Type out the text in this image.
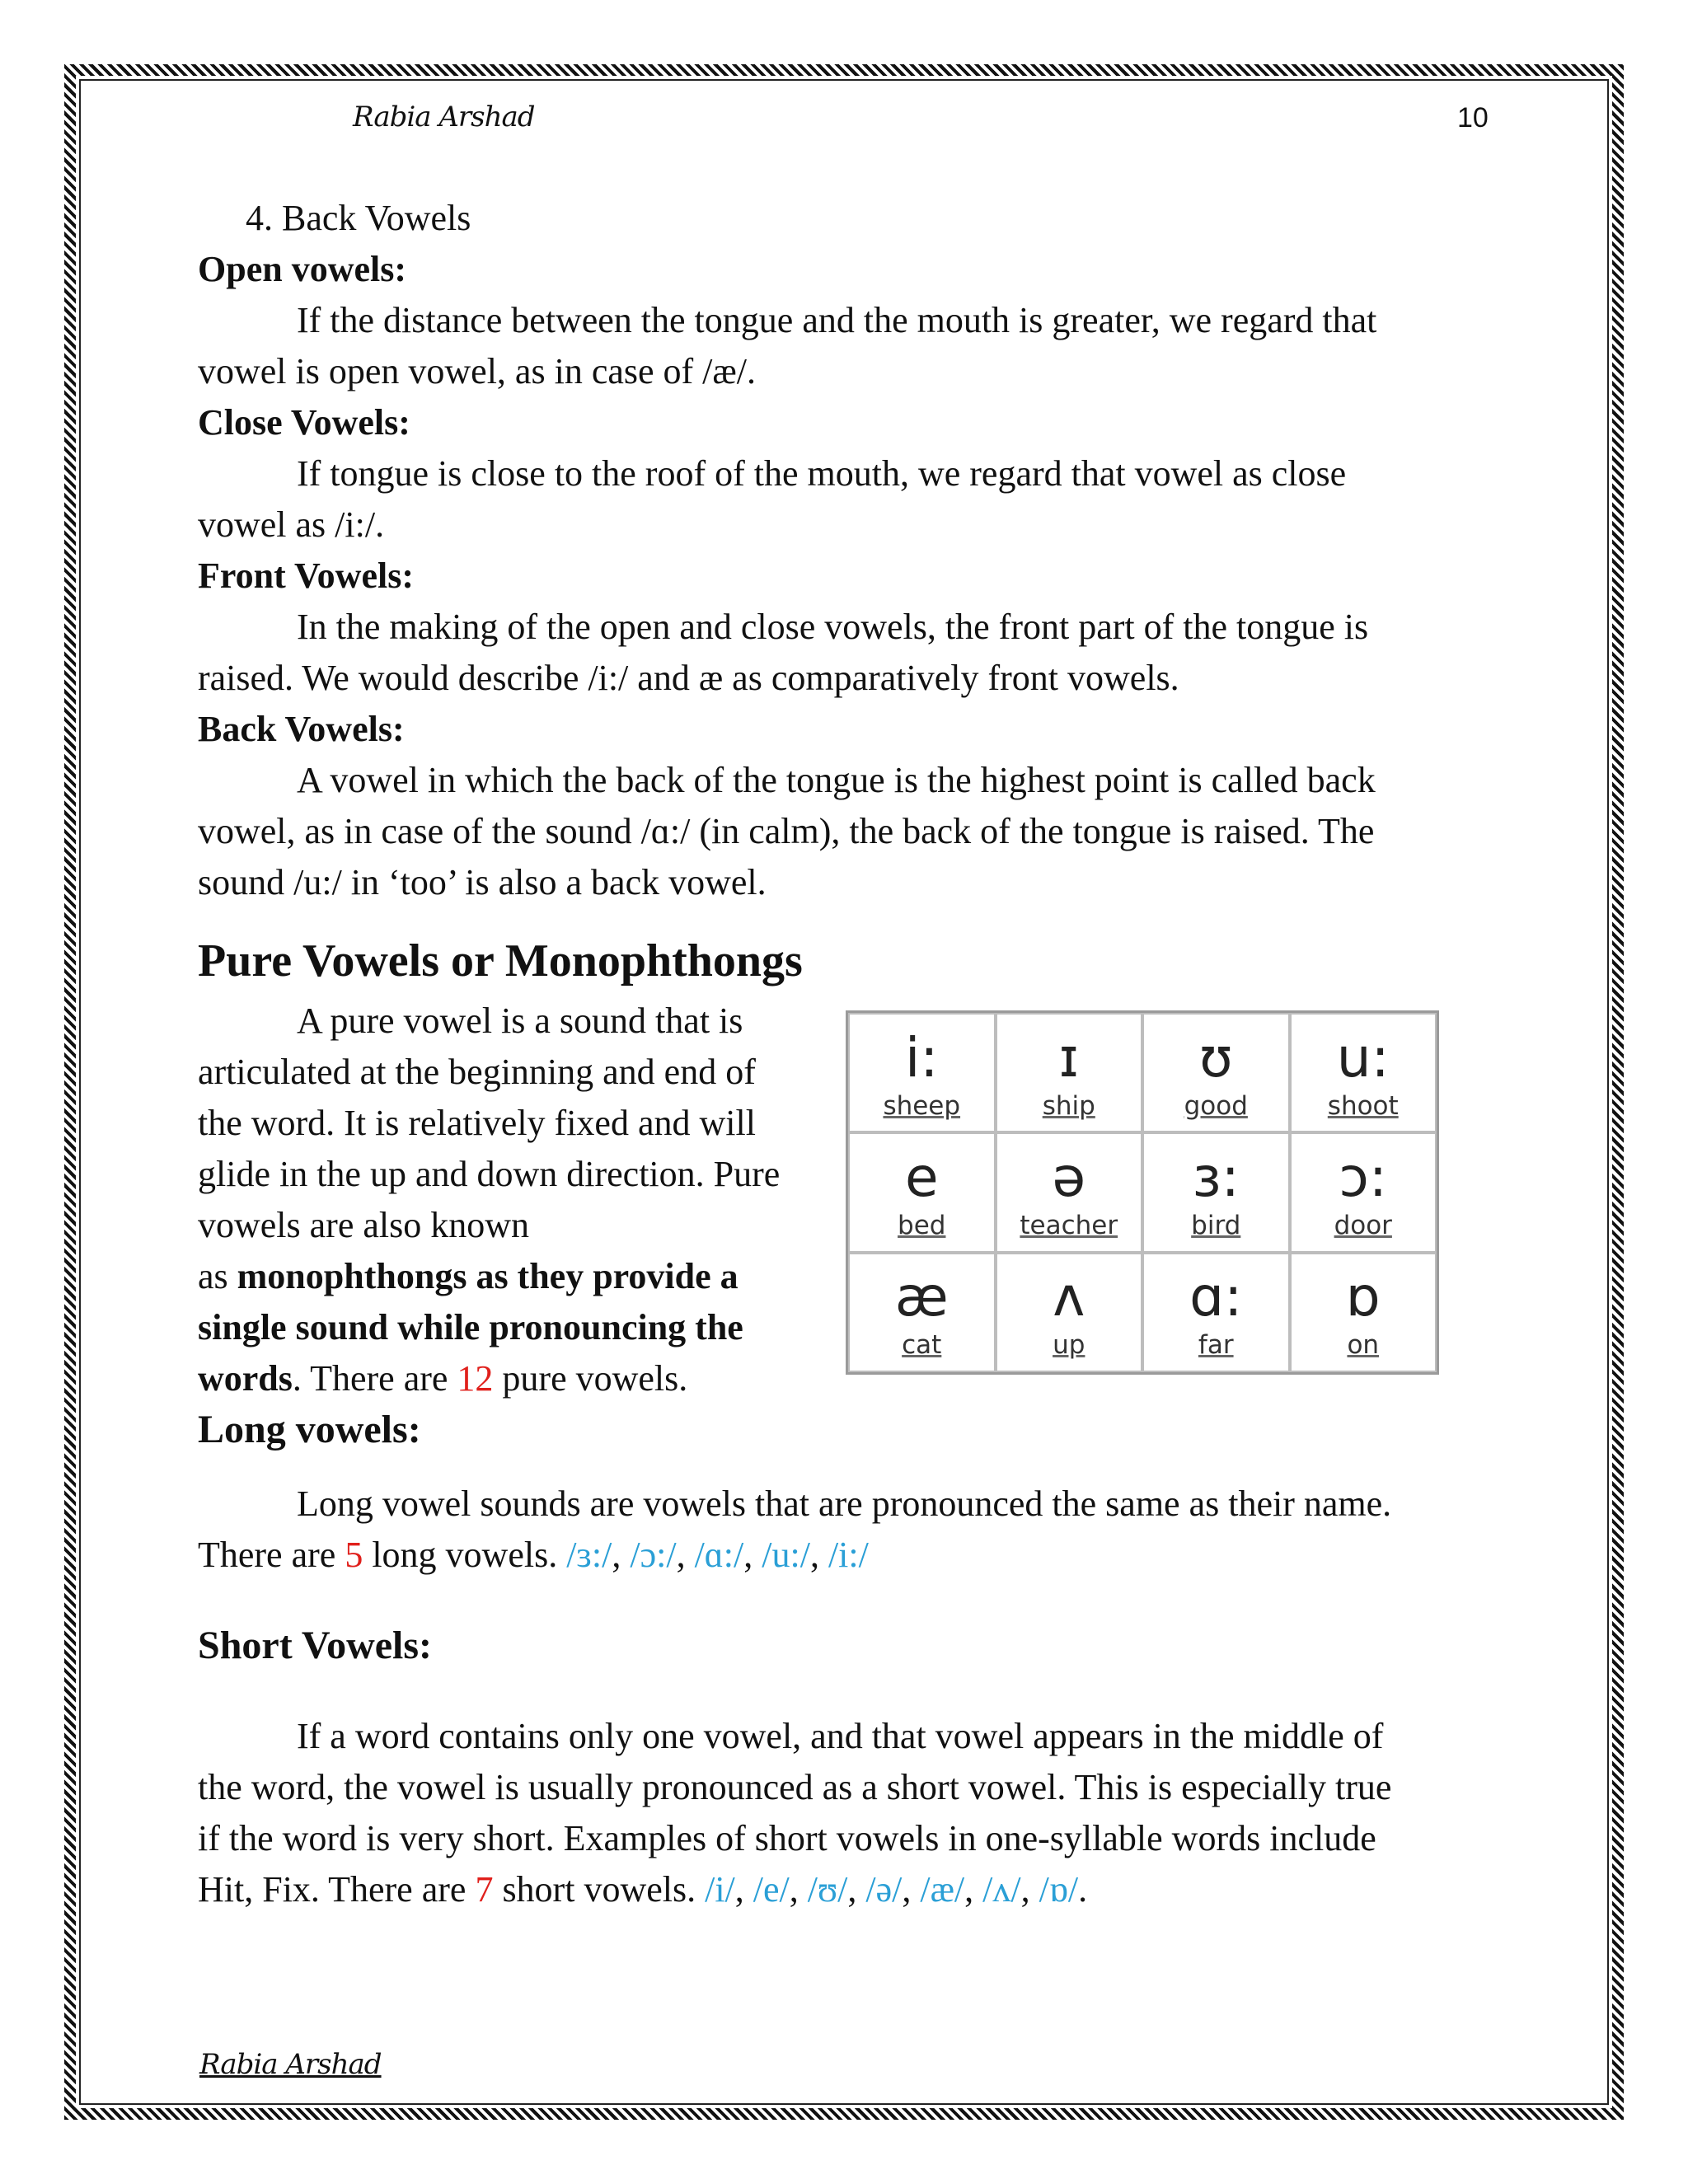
Rabia Arshad	10
4. Back Vowels
Open vowels:
If the distance between the tongue and the mouth is greater, we regard that
vowel is open vowel, as in case of /æ/.
Close Vowels:
If tongue is close to the roof of the mouth, we regard that vowel as close
vowel as /i:/.
Front Vowels:
In the making of the open and close vowels, the front part of the tongue is
raised. We would describe /i:/ and æ as comparatively front vowels.
Back Vowels:
A vowel in which the back of the tongue is the highest point is called back
vowel, as in case of the sound /ɑ:/ (in calm), the back of the tongue is raised. The
sound /u:/ in ‘too’ is also a back vowel.
Pure Vowels or Monophthongs
A pure vowel is a sound that is
articulated at the beginning and end of
the word. It is relatively fixed and will
glide in the up and down direction. Pure
vowels are also known
as monophthongs as they provide a
single sound while pronouncing the
words. There are 12 pure vowels.
i:
sheep
ɪ
ship
ʊ
good
u:
shoot
e
bed
ə
teacher
ɜ:
bird
ɔ:
door
æ
cat
ʌ
up
ɑ:
far
ɒ
on
Long vowels:
Long vowel sounds are vowels that are pronounced the same as their name.
There are 5 long vowels. /ɜ:/, /ɔ:/, /ɑ:/, /u:/, /i:/
Short Vowels:
If a word contains only one vowel, and that vowel appears in the middle of
the word, the vowel is usually pronounced as a short vowel. This is especially true
if the word is very short. Examples of short vowels in one-syllable words include
Hit, Fix. There are 7 short vowels. /i/, /e/, /ʊ/, /ə/, /æ/, /ʌ/, /ɒ/.
Rabia Arshad
